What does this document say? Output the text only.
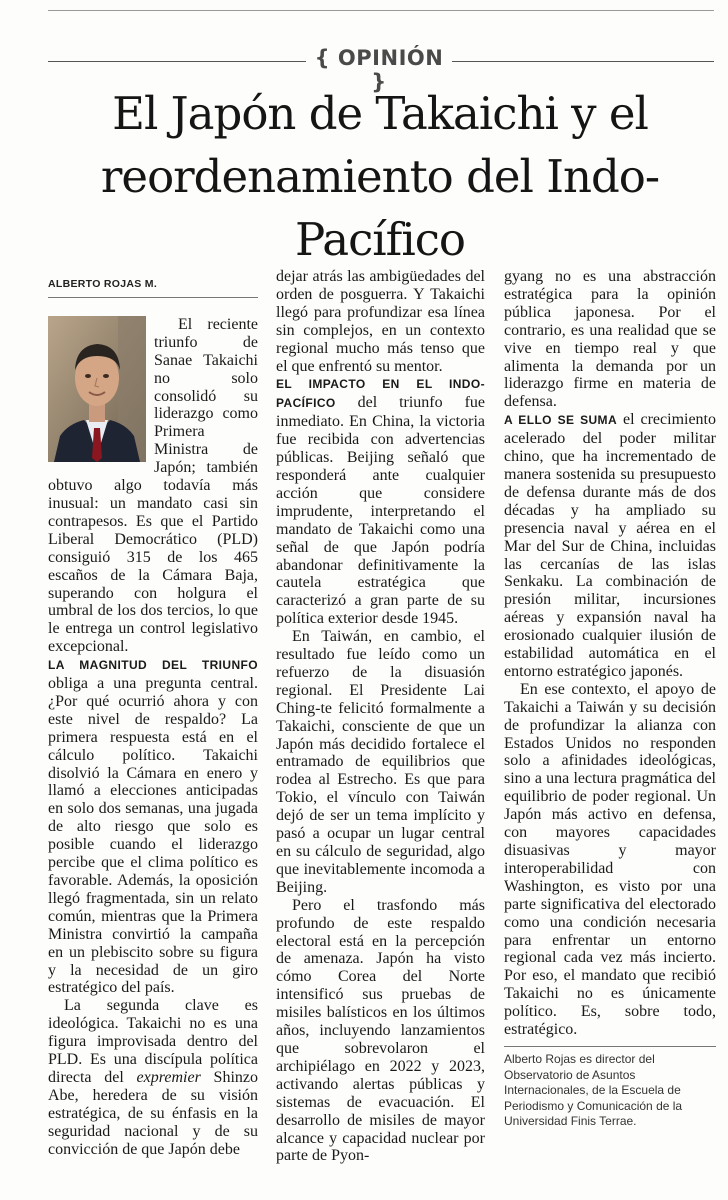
{ OPINIÓN }
El Japón de Takaichi y el reordenamiento del Indo-Pacífico
ALBERTO ROJAS M.

El reciente triunfo de Sanae Takaichi no solo consolidó su liderazgo como Primera Ministra de Japón; también obtuvo algo todavía más inusual: un mandato casi sin contrapesos. Es que el Partido Liberal Democrático (PLD) consiguió 315 de los 465 escaños de la Cámara Baja, superando con holgura el umbral de los dos tercios, lo que le entrega un control legislativo excepcional.

LA MAGNITUD DEL TRIUNFO obliga a una pregunta central. ¿Por qué ocurrió ahora y con este nivel de respaldo? La primera respuesta está en el cálculo político. Takaichi disolvió la Cámara en enero y llamó a elecciones anticipadas en solo dos semanas, una jugada de alto riesgo que solo es posible cuando el liderazgo percibe que el clima político es favorable. Además, la oposición llegó fragmentada, sin un relato común, mientras que la Primera Ministra convirtió la campaña en un plebiscito sobre su figura y la necesidad de un giro estratégico del país.

La segunda clave es ideológica. Takaichi no es una figura improvisada dentro del PLD. Es una discípula política directa del expremier Shinzo Abe, heredera de su visión estratégica, de su énfasis en la seguridad nacional y de su convicción de que Japón debe

dejar atrás las ambigüedades del orden de posguerra. Y Takaichi llegó para profundizar esa línea sin complejos, en un contexto regional mucho más tenso que el que enfrentó su mentor.

EL IMPACTO EN EL INDO-PACÍFICO del triunfo fue inmediato. En China, la victoria fue recibida con advertencias públicas. Beijing señaló que responderá ante cualquier acción que considere imprudente, interpretando el mandato de Takaichi como una señal de que Japón podría abandonar definitivamente la cautela estratégica que caracterizó a gran parte de su política exterior desde 1945.

En Taiwán, en cambio, el resultado fue leído como un refuerzo de la disuasión regional. El Presidente Lai Ching-te felicitó formalmente a Takaichi, consciente de que un Japón más decidido fortalece el entramado de equilibrios que rodea al Estrecho. Es que para Tokio, el vínculo con Taiwán dejó de ser un tema implícito y pasó a ocupar un lugar central en su cálculo de seguridad, algo que inevitablemente incomoda a Beijing.

Pero el trasfondo más profundo de este respaldo electoral está en la percepción de amenaza. Japón ha visto cómo Corea del Norte intensificó sus pruebas de misiles balísticos en los últimos años, incluyendo lanzamientos que sobrevolaron el archipiélago en 2022 y 2023, activando alertas públicas y sistemas de evacuación. El desarrollo de misiles de mayor alcance y capacidad nuclear por parte de Pyon-

gyang no es una abstracción estratégica para la opinión pública japonesa. Por el contrario, es una realidad que se vive en tiempo real y que alimenta la demanda por un liderazgo firme en materia de defensa.

A ELLO SE SUMA el crecimiento acelerado del poder militar chino, que ha incrementado de manera sostenida su presupuesto de defensa durante más de dos décadas y ha ampliado su presencia naval y aérea en el Mar del Sur de China, incluidas las cercanías de las islas Senkaku. La combinación de presión militar, incursiones aéreas y expansión naval ha erosionado cualquier ilusión de estabilidad automática en el entorno estratégico japonés.

En ese contexto, el apoyo de Takaichi a Taiwán y su decisión de profundizar la alianza con Estados Unidos no responden solo a afinidades ideológicas, sino a una lectura pragmática del equilibrio de poder regional. Un Japón más activo en defensa, con mayores capacidades disuasivas y mayor interoperabilidad con Washington, es visto por una parte significativa del electorado como una condición necesaria para enfrentar un entorno regional cada vez más incierto. Por eso, el mandato que recibió Takaichi no es únicamente político. Es, sobre todo, estratégico.

Alberto Rojas es director del Observatorio de Asuntos Internacionales, de la Escuela de Periodismo y Comunicación de la Universidad Finis Terrae.
